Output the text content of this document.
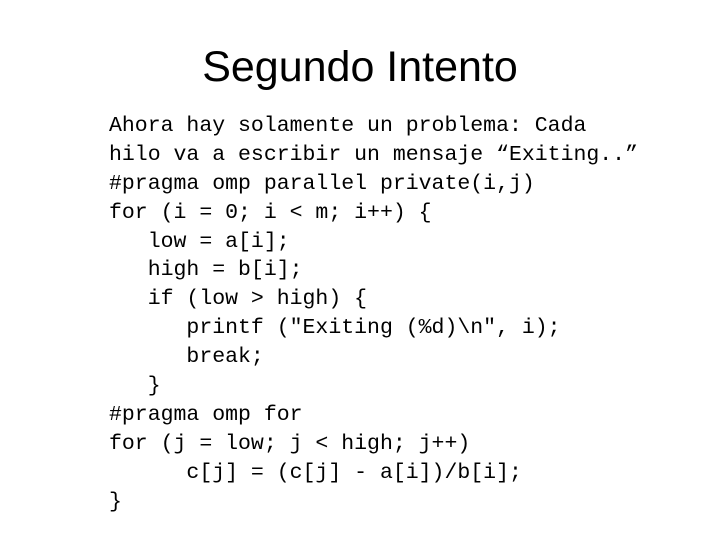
Segundo Intento
Ahora hay solamente un problema: Cada
hilo va a escribir un mensaje “Exiting..”
#pragma omp parallel private(i,j)
for (i = 0; i < m; i++) {
low = a[i];
high = b[i];
if (low > high) {
printf ("Exiting (%d)\n", i);
break;
}
#pragma omp for
for (j = low; j < high; j++)
c[j] = (c[j] - a[i])/b[i];
}
